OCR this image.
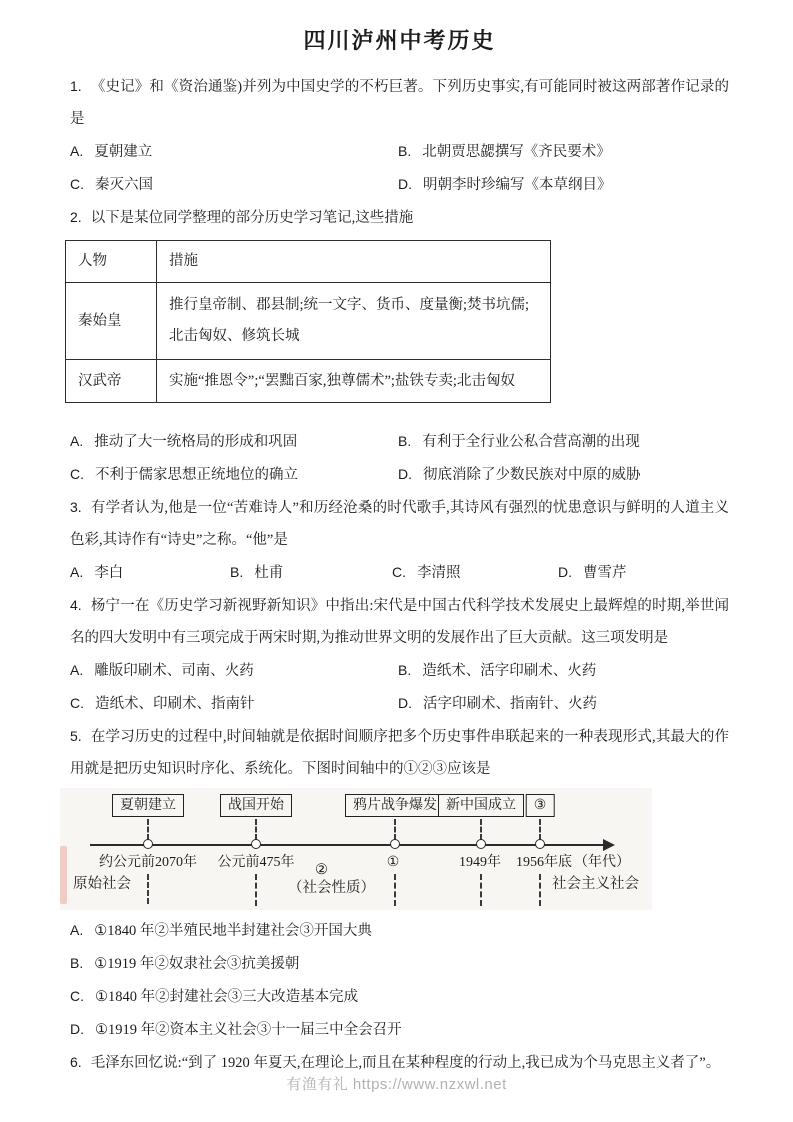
四川泸州中考历史

1. 《史记》和《资治通鉴)并列为中国史学的不朽巨著。下列历史事实,有可能同时被这两部著作记录的是

A. 夏朝建立	B. 北朝贾思勰撰写《齐民要术》
C. 秦灭六国	D. 明朝李时珍编写《本草纲目》

2. 以下是某位同学整理的部分历史学习笔记,这些措施

人物	措施
秦始皇	推行皇帝制、郡县制;统一文字、货币、度量衡;焚书坑儒;北击匈奴、修筑长城
汉武帝	实施“推恩令”;“罢黜百家,独尊儒术”;盐铁专卖;北击匈奴
A. 推动了大一统格局的形成和巩固	B. 有利于全行业公私合营高潮的出现
C. 不利于儒家思想正统地位的确立	D. 彻底消除了少数民族对中原的威胁

3. 有学者认为,他是一位“苦难诗人”和历经沧桑的时代歌手,其诗风有强烈的忧患意识与鲜明的人道主义色彩,其诗作有“诗史”之称。“他”是

A. 李白	B. 杜甫	C. 李清照	D. 曹雪芹

4. 杨宁一在《历史学习新视野新知识》中指出:宋代是中国古代科学技术发展史上最辉煌的时期,举世闻名的四大发明中有三项完成于两宋时期,为推动世界文明的发展作出了巨大贡献。这三项发明是

A. 雕版印刷术、司南、火药	B. 造纸术、活字印刷术、火药
C. 造纸术、印刷术、指南针	D. 活字印刷术、指南针、火药

5. 在学习历史的过程中,时间轴就是依据时间顺序把多个历史事件串联起来的一种表现形式,其最大的作用就是把历史知识时序化、系统化。下图时间轴中的①②③应该是

夏朝建立	战国开始	鸦片战争爆发 新中国成立	③
约公元前2070年 公元前475年	①	1949年 1956年底 （年代）
原始社会
②
（社会性质）	社会主义社会
A. ①1840 年②半殖民地半封建社会③开国大典
B. ①1919 年②奴隶社会③抗美援朝
C. ①1840 年②封建社会③三大改造基本完成
D. ①1919 年②资本主义社会③十一届三中全会召开

6. 毛泽东回忆说:“到了 1920 年夏天,在理论上,而且在某种程度的行动上,我已成为个马克思主义者了”。

有渔有礼 https://www.nzxwl.net
